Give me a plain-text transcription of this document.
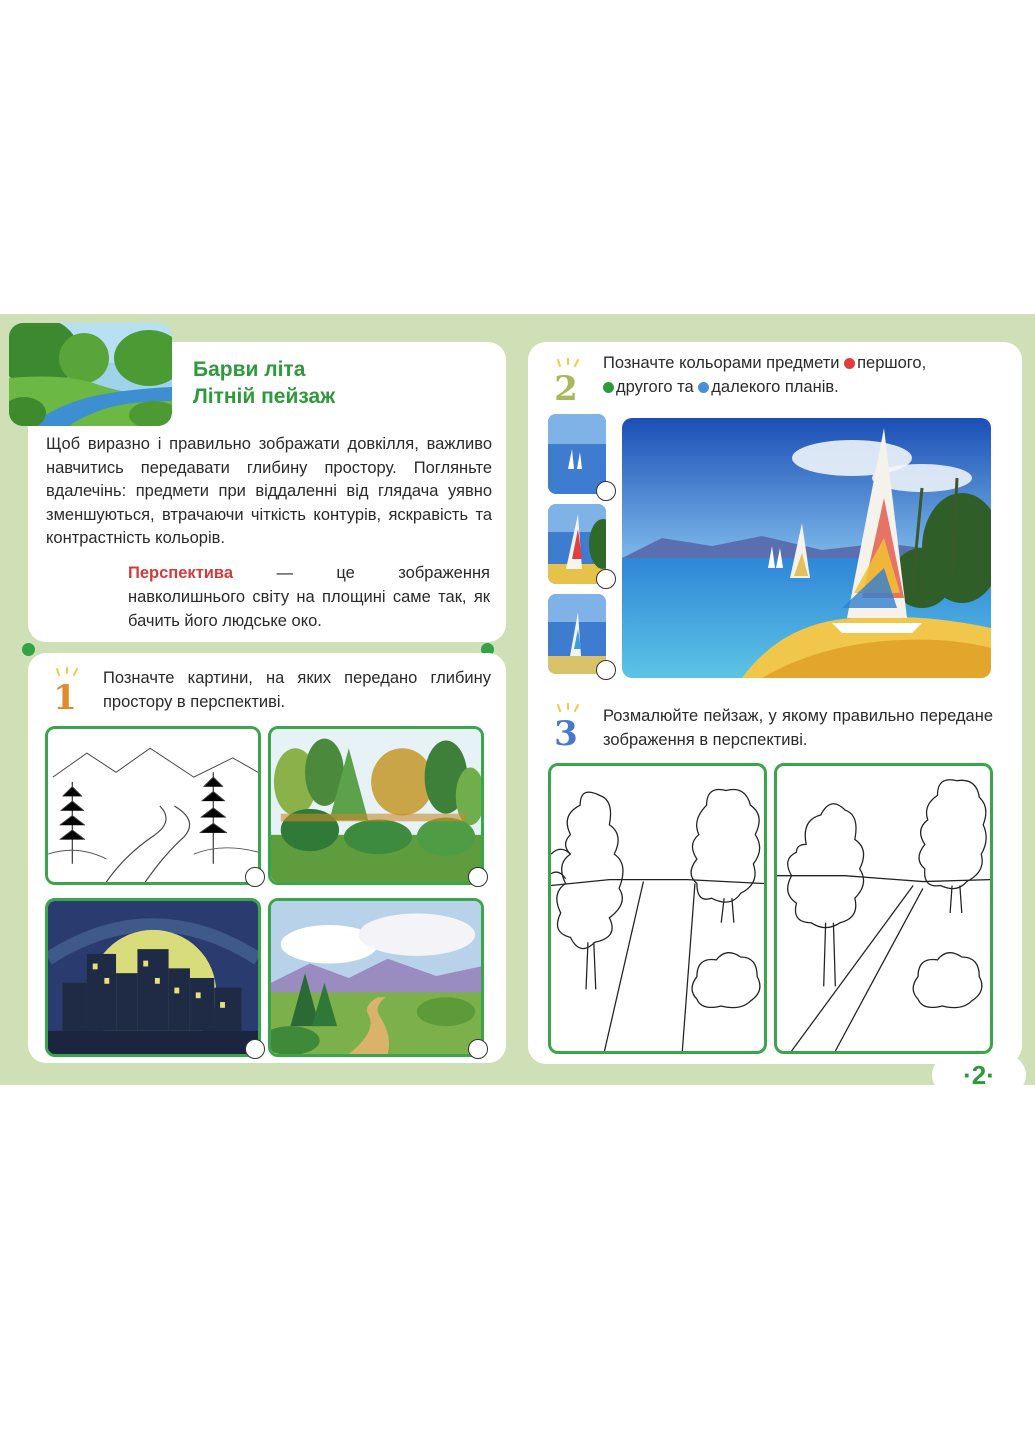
Барви літа
Літній пейзаж
Щоб виразно і правильно зображати довкілля, важливо навчитись передавати глибину простору. Погляньте вдалечінь: предмети при віддаленні від глядача уявно зменшуються, втрачаючи чіткість контурів, яскравість та контрастність кольорів.
Перспектива — це зображення навколишнього світу на площині саме так, як бачить його людське око.
1 Позначте картини, на яких передано глибину простору в перспективі.
2
Позначте кольорами предмети першого,
другого та далекого планів.
3 Розмалюйте пейзаж, у якому правильно передане зображення в перспективі.
·2·
